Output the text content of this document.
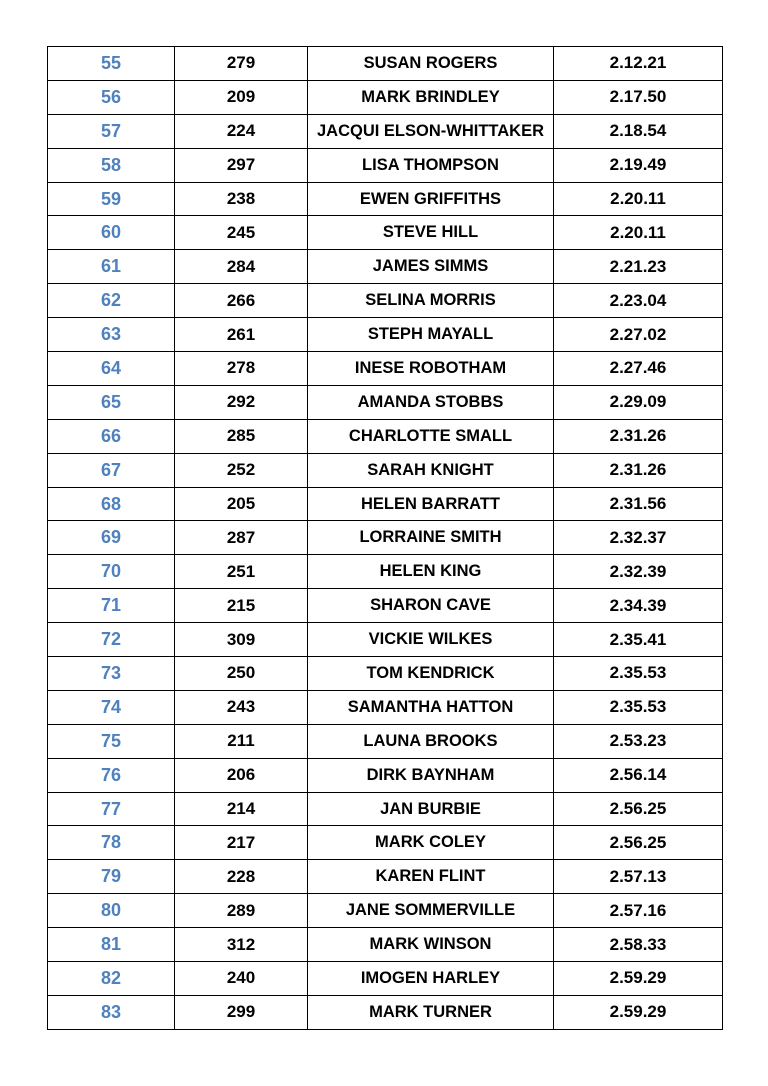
55	279	SUSAN ROGERS	2.12.21
56	209	MARK BRINDLEY	2.17.50
57	224	JACQUI ELSON-WHITTAKER	2.18.54
58	297	LISA THOMPSON	2.19.49
59	238	EWEN GRIFFITHS	2.20.11
60	245	STEVE HILL	2.20.11
61	284	JAMES SIMMS	2.21.23
62	266	SELINA MORRIS	2.23.04
63	261	STEPH MAYALL	2.27.02
64	278	INESE ROBOTHAM	2.27.46
65	292	AMANDA STOBBS	2.29.09
66	285	CHARLOTTE SMALL	2.31.26
67	252	SARAH KNIGHT	2.31.26
68	205	HELEN BARRATT	2.31.56
69	287	LORRAINE SMITH	2.32.37
70	251	HELEN KING	2.32.39
71	215	SHARON CAVE	2.34.39
72	309	VICKIE WILKES	2.35.41
73	250	TOM KENDRICK	2.35.53
74	243	SAMANTHA HATTON	2.35.53
75	211	LAUNA BROOKS	2.53.23
76	206	DIRK BAYNHAM	2.56.14
77	214	JAN BURBIE	2.56.25
78	217	MARK COLEY	2.56.25
79	228	KAREN FLINT	2.57.13
80	289	JANE SOMMERVILLE	2.57.16
81	312	MARK WINSON	2.58.33
82	240	IMOGEN HARLEY	2.59.29
83	299	MARK TURNER	2.59.29
